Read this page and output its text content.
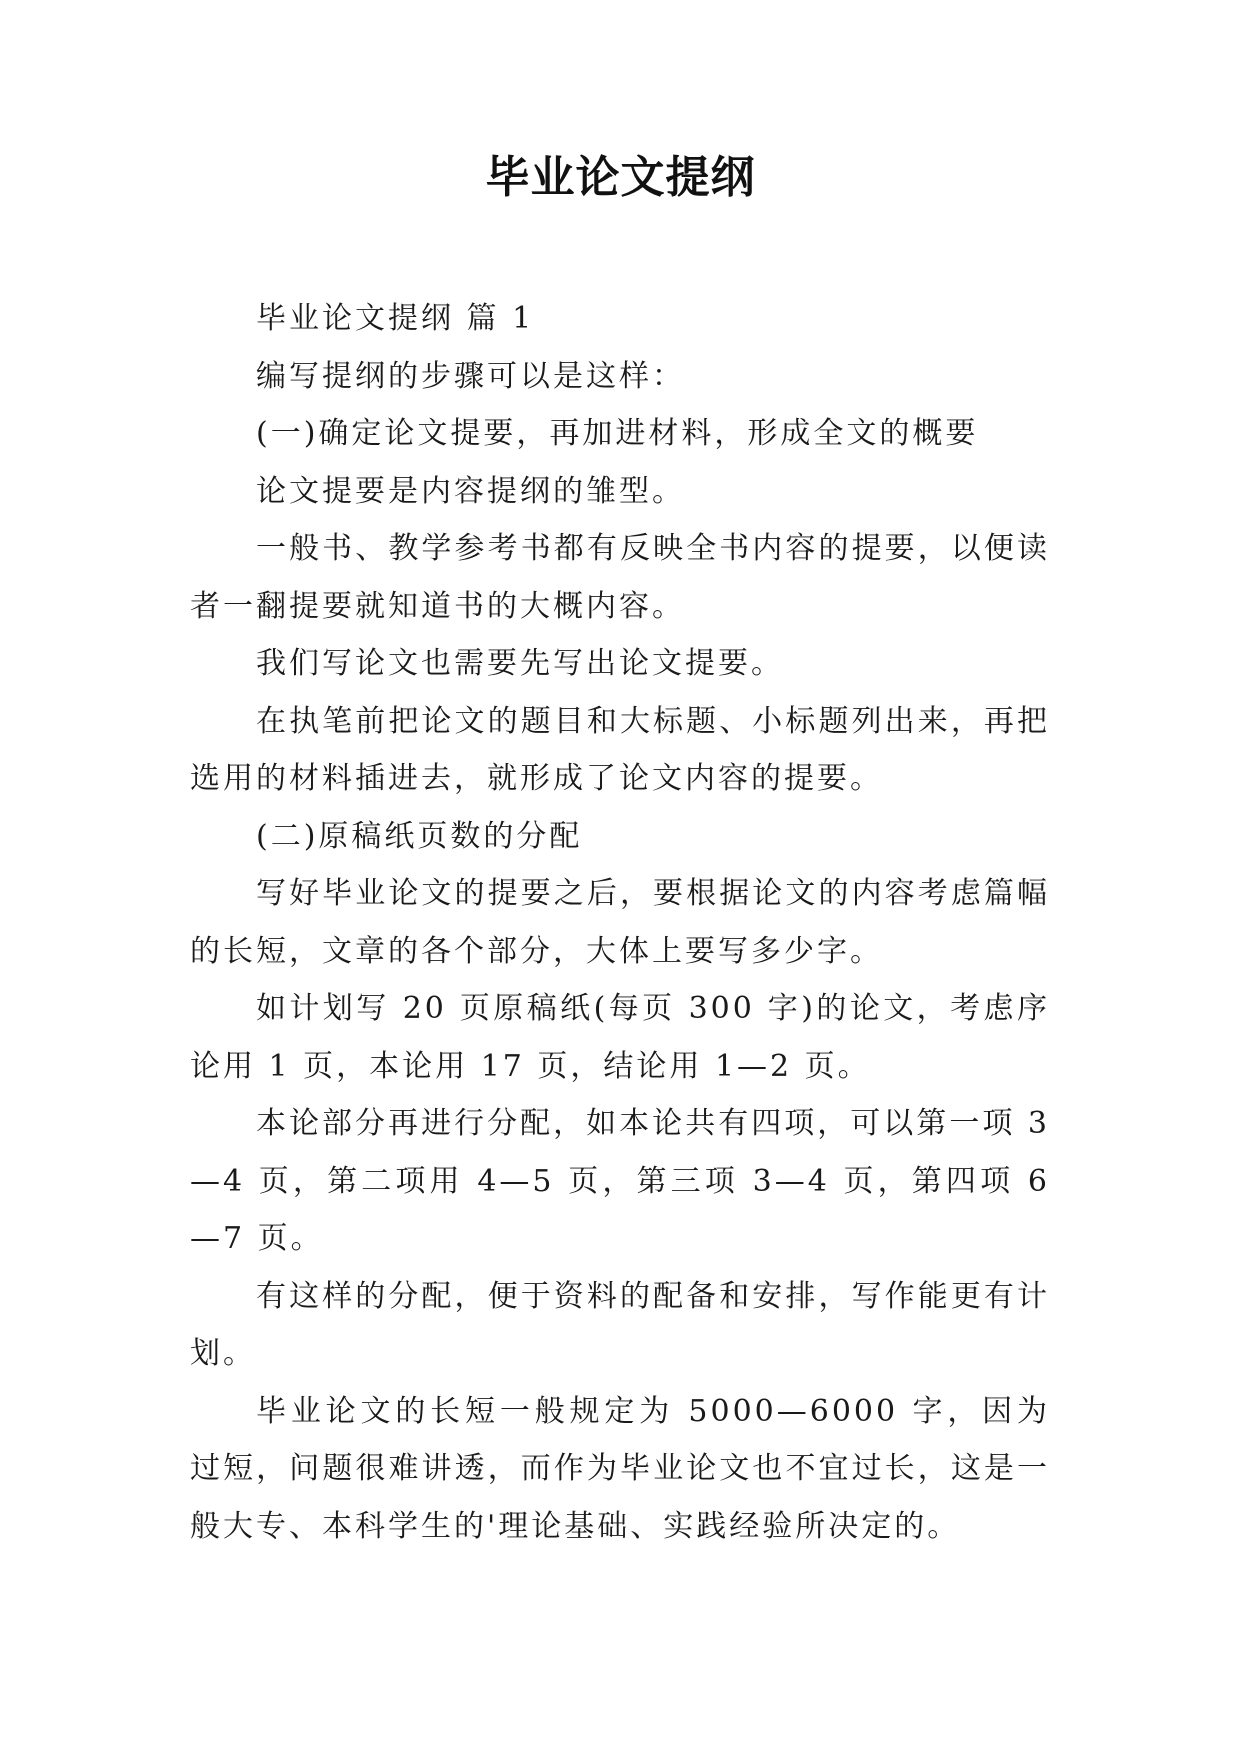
毕业论文提纲

毕业论文提纲 篇 1

编写提纲的步骤可以是这样：

(一)确定论文提要，再加进材料，形成全文的概要

论文提要是内容提纲的雏型。

一般书、教学参考书都有反映全书内容的提要，以便读者一翻提要就知道书的大概内容。

我们写论文也需要先写出论文提要。

在执笔前把论文的题目和大标题、小标题列出来，再把选用的材料插进去，就形成了论文内容的提要。

(二)原稿纸页数的分配

写好毕业论文的提要之后，要根据论文的内容考虑篇幅的长短，文章的各个部分，大体上要写多少字。

如计划写 20 页原稿纸(每页 300 字)的论文，考虑序论用 1 页，本论用 17 页，结论用 1—2 页。

本论部分再进行分配，如本论共有四项，可以第一项 3—4 页，第二项用 4—5 页，第三项 3—4 页，第四项 6—7 页。

有这样的分配，便于资料的配备和安排，写作能更有计划。

毕业论文的长短一般规定为 5000—6000 字，因为过短，问题很难讲透，而作为毕业论文也不宜过长，这是一般大专、本科学生的'理论基础、实践经验所决定的。
